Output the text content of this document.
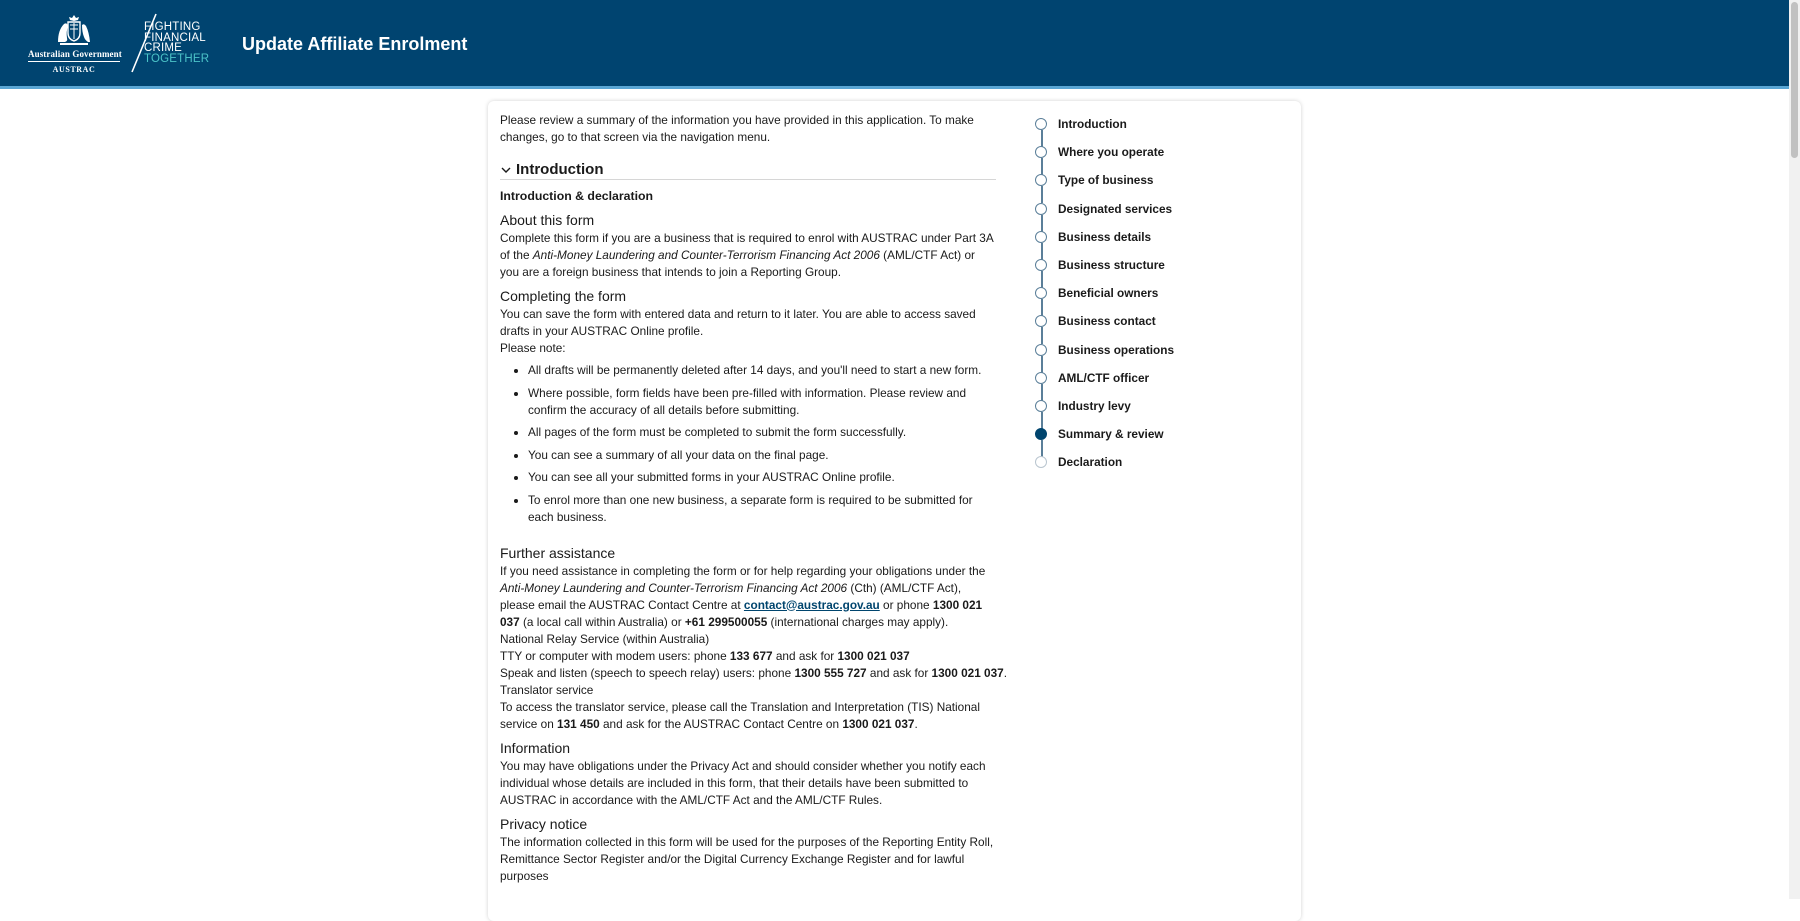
Australian Government
AUSTRAC
FIGHTING
FINANCIAL
CRIME
TOGETHER
Update Affiliate Enrolment

Please review a summary of the information you have provided in this application. To make changes, go to that screen via the navigation menu.

Introduction
Introduction & declaration
About this form

Complete this form if you are a business that is required to enrol with AUSTRAC under Part 3A of the Anti-Money Laundering and Counter-Terrorism Financing Act 2006 (AML/CTF Act) or you are a foreign business that intends to join a Reporting Group.

Completing the form

You can save the form with entered data and return to it later. You are able to access saved drafts in your AUSTRAC Online profile.

Please note:

• All drafts will be permanently deleted after 14 days, and you'll need to start a new form.
• Where possible, form fields have been pre-filled with information. Please review and confirm the accuracy of all details before submitting.
• All pages of the form must be completed to submit the form successfully.
• You can see a summary of all your data on the final page.
• You can see all your submitted forms in your AUSTRAC Online profile.
• To enrol more than one new business, a separate form is required to be submitted for each business.
Further assistance

If you need assistance in completing the form or for help regarding your obligations under the Anti-Money Laundering and Counter-Terrorism Financing Act 2006 (Cth) (AML/CTF Act), please email the AUSTRAC Contact Centre at contact@austrac.gov.au or phone 1300 021 037 (a local call within Australia) or +61 299500055 (international charges may apply).

National Relay Service (within Australia)

TTY or computer with modem users: phone 133 677 and ask for 1300 021 037

Speak and listen (speech to speech relay) users: phone 1300 555 727 and ask for 1300 021 037.

Translator service

To access the translator service, please call the Translation and Interpretation (TIS) National service on 131 450 and ask for the AUSTRAC Contact Centre on 1300 021 037.

Information

You may have obligations under the Privacy Act and should consider whether you notify each individual whose details are included in this form, that their details have been submitted to AUSTRAC in accordance with the AML/CTF Act and the AML/CTF Rules.

Privacy notice

The information collected in this form will be used for the purposes of the Reporting Entity Roll, Remittance Sector Register and/or the Digital Currency Exchange Register and for lawful purposes

Introduction
Where you operate
Type of business
Designated services
Business details
Business structure
Beneficial owners
Business contact
Business operations
AML/CTF officer
Industry levy
Summary & review
Declaration
